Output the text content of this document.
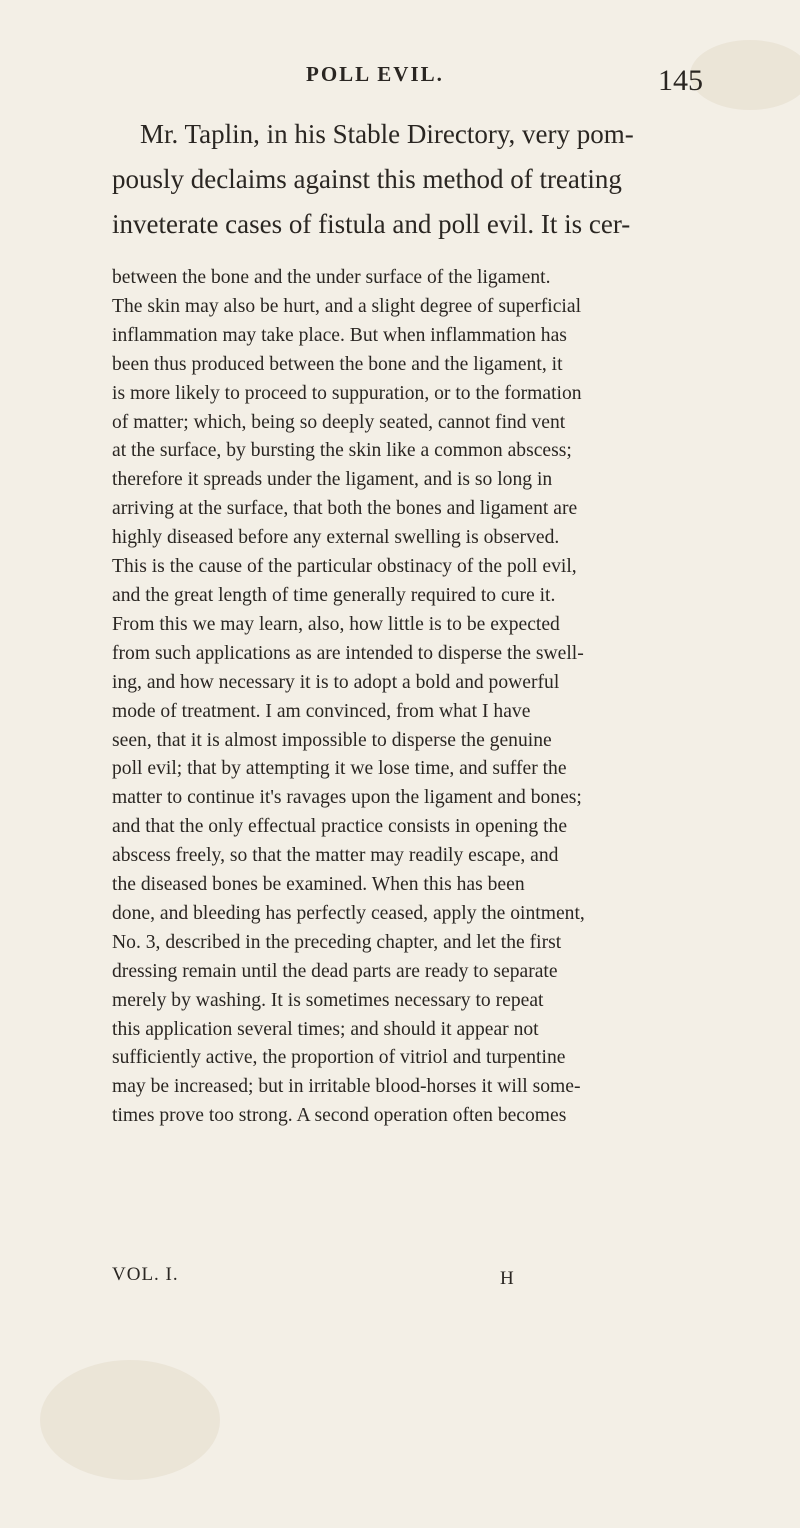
POLL EVIL.	145
Mr. Taplin, in his Stable Directory, very pom-
pously declaims against this method of treating
inveterate cases of fistula and poll evil. It is cer-
between the bone and the under surface of the ligament.
The skin may also be hurt, and a slight degree of superficial
inflammation may take place. But when inflammation has
been thus produced between the bone and the ligament, it
is more likely to proceed to suppuration, or to the formation
of matter; which, being so deeply seated, cannot find vent
at the surface, by bursting the skin like a common abscess;
therefore it spreads under the ligament, and is so long in
arriving at the surface, that both the bones and ligament are
highly diseased before any external swelling is observed.
This is the cause of the particular obstinacy of the poll evil,
and the great length of time generally required to cure it.
From this we may learn, also, how little is to be expected
from such applications as are intended to disperse the swell-
ing, and how necessary it is to adopt a bold and powerful
mode of treatment. I am convinced, from what I have
seen, that it is almost impossible to disperse the genuine
poll evil; that by attempting it we lose time, and suffer the
matter to continue it's ravages upon the ligament and bones;
and that the only effectual practice consists in opening the
abscess freely, so that the matter may readily escape, and
the diseased bones be examined. When this has been
done, and bleeding has perfectly ceased, apply the ointment,
No. 3, described in the preceding chapter, and let the first
dressing remain until the dead parts are ready to separate
merely by washing. It is sometimes necessary to repeat
this application several times; and should it appear not
sufficiently active, the proportion of vitriol and turpentine
may be increased; but in irritable blood-horses it will some-
times prove too strong. A second operation often becomes
VOL. I.	H
